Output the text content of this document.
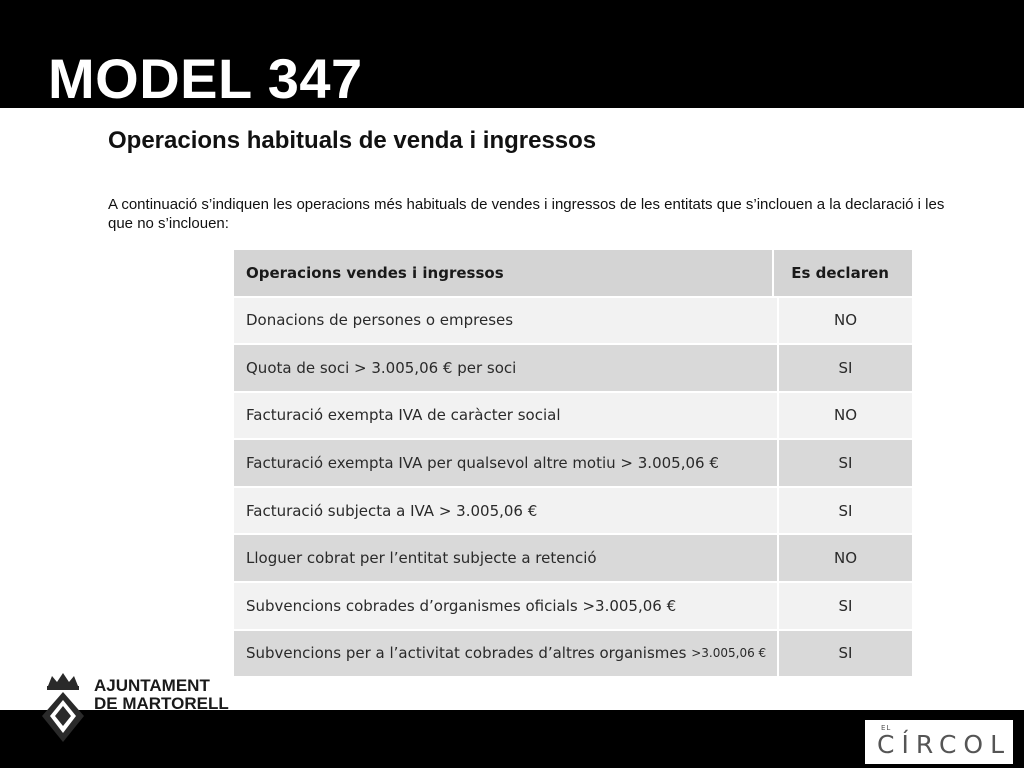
MODEL 347
Operacions habituals de venda i ingressos
A continuació s’indiquen les operacions més habituals de vendes i ingressos de les entitats que s’inclouen a la declaració i les que no s’inclouen:
Operacions vendes i ingressos	Es declaren
Donacions de persones o empreses	NO
Quota de soci > 3.005,06 € per soci	SI
Facturació exempta IVA de caràcter social	NO
Facturació exempta IVA per qualsevol altre motiu > 3.005,06 €	SI
Facturació subjecta a IVA > 3.005,06 €	SI
Lloguer cobrat per l’entitat subjecte a retenció	NO
Subvencions cobrades d’organismes oficials >3.005,06 €	SI
Subvencions per a l’activitat cobrades d’altres organismes
>3.005,06 €	SI
AJUNTAMENT
DE MARTORELL
EL
CÍRCOL
